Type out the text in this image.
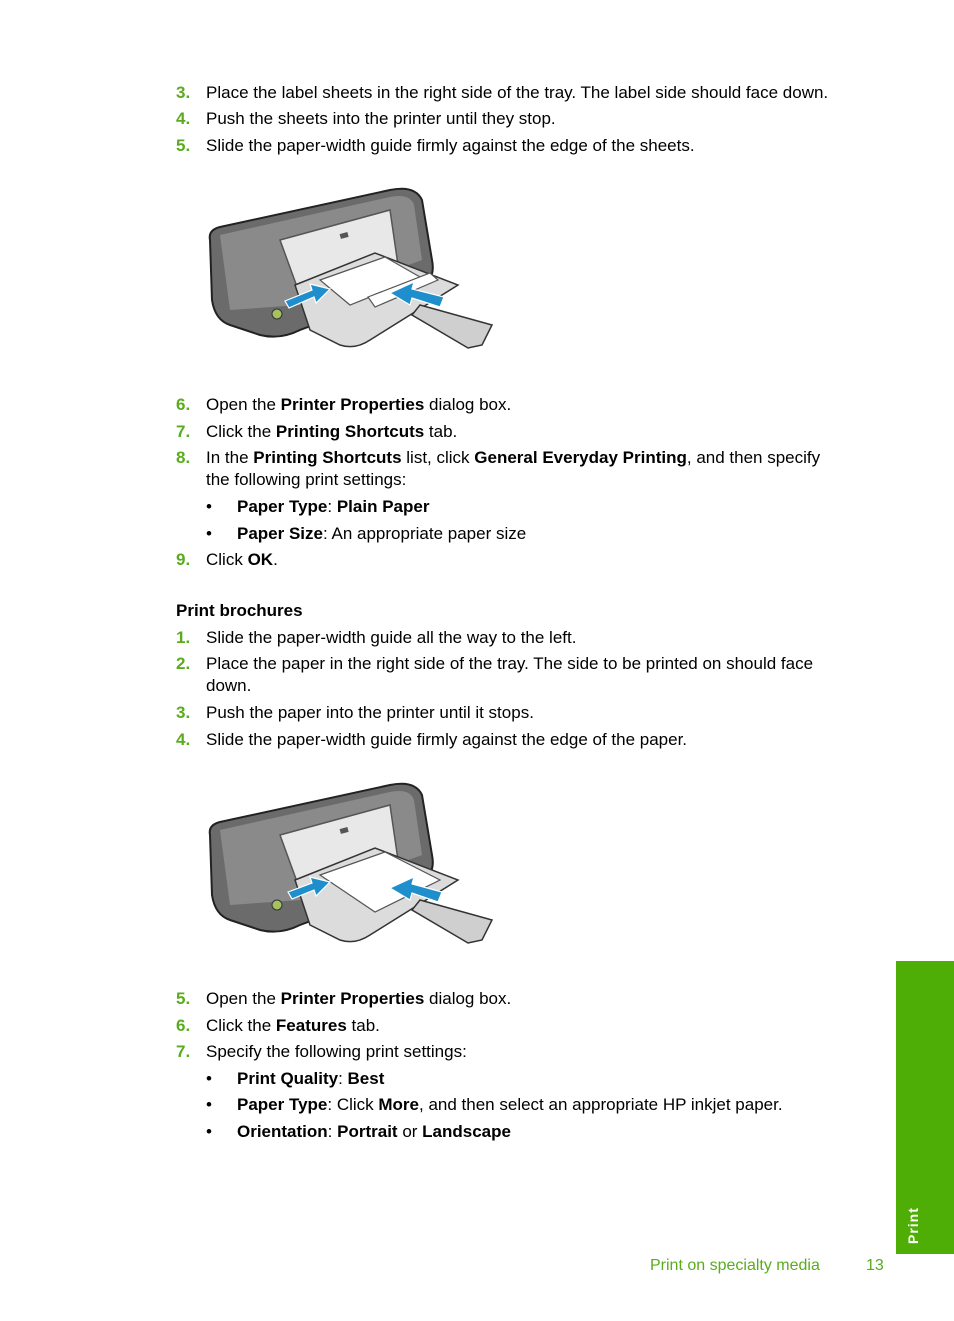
3. Place the label sheets in the right side of the tray. The label side should face down.
4. Push the sheets into the printer until they stop.
5. Slide the paper-width guide firmly against the edge of the sheets.
6. Open the Printer Properties dialog box.
7. Click the Printing Shortcuts tab.
8. In the Printing Shortcuts list, click General Everyday Printing, and then specify
the following print settings:
• Paper Type: Plain Paper
• Paper Size: An appropriate paper size
9. Click OK.
Print brochures
1. Slide the paper-width guide all the way to the left.
2. Place the paper in the right side of the tray. The side to be printed on should face
down.
3. Push the paper into the printer until it stops.
4. Slide the paper-width guide firmly against the edge of the paper.
5. Open the Printer Properties dialog box.
6. Click the Features tab.
7. Specify the following print settings:
• Print Quality: Best
• Paper Type: Click More, and then select an appropriate HP inkjet paper.
• Orientation: Portrait or Landscape
Print
Print on specialty media	13
